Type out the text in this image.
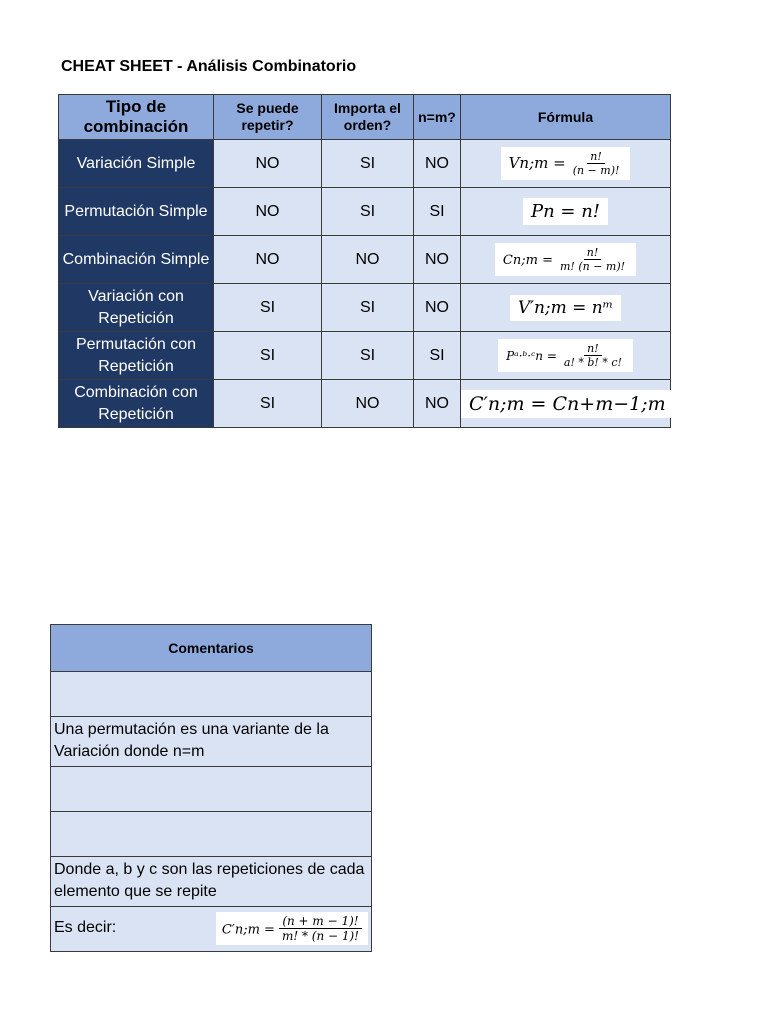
CHEAT SHEET - Análisis Combinatorio
Tipo de combinación	Se puede repetir?	Importa el orden?	n=m?	Fórmula
Variación Simple	NO	SI	NO	Vn;m = $\frac{n!}{(n - m)!}$

Permutación Simple	NO	SI	SI	Pn = n!
Combinación Simple	NO	NO	NO	Cn;m = $\frac{n!}{m! (n - m)!}$

Variación con Repetición	SI	SI	NO	V′n;m = nᵐ
Permutación con Repetición	SI	SI	SI	Pᵃ·ᵇ·ᶜn = $\frac{n!}{a! * b! * c!}$

Combinación con Repetición	SI	NO	NO	C′n;m = Cn+m−1;m
Comentarios

Una permutación es una variante de la Variación donde n=m

Donde a, b y c son las repeticiones de cada elemento que se repite

Es decir:	C′n;m = $\frac{(n + m - 1)!}{m! * (n - 1)!}$
